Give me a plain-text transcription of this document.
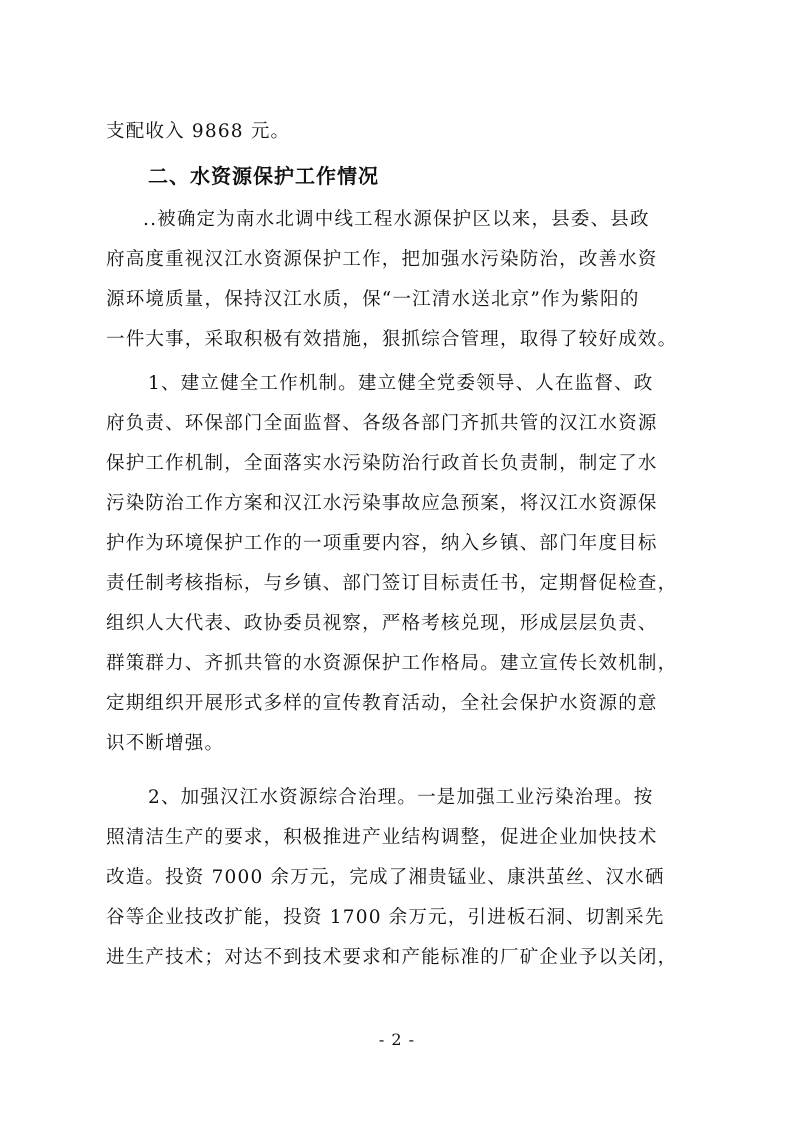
支配收入 9868 元。
二、水资源保护工作情况
..被确定为南水北调中线工程水源保护区以来，县委、县政
府高度重视汉江水资源保护工作，把加强水污染防治，改善水资
源环境质量，保持汉江水质，保“一江清水送北京”作为紫阳的
一件大事，采取积极有效措施，狠抓综合管理，取得了较好成效。
1、建立健全工作机制。建立健全党委领导、人在监督、政
府负责、环保部门全面监督、各级各部门齐抓共管的汉江水资源
保护工作机制，全面落实水污染防治行政首长负责制，制定了水
污染防治工作方案和汉江水污染事故应急预案，将汉江水资源保
护作为环境保护工作的一项重要内容，纳入乡镇、部门年度目标
责任制考核指标，与乡镇、部门签订目标责任书，定期督促检查，
组织人大代表、政协委员视察，严格考核兑现，形成层层负责、
群策群力、齐抓共管的水资源保护工作格局。建立宣传长效机制，
定期组织开展形式多样的宣传教育活动，全社会保护水资源的意
识不断增强。
2、加强汉江水资源综合治理。一是加强工业污染治理。按
照清洁生产的要求，积极推进产业结构调整，促进企业加快技术
改造。投资 7000 余万元，完成了湘贵锰业、康洪茧丝、汉水硒
谷等企业技改扩能，投资 1700 余万元，引进板石洞、切割采先
进生产技术；对达不到技术要求和产能标准的厂矿企业予以关闭，
- 2 -
